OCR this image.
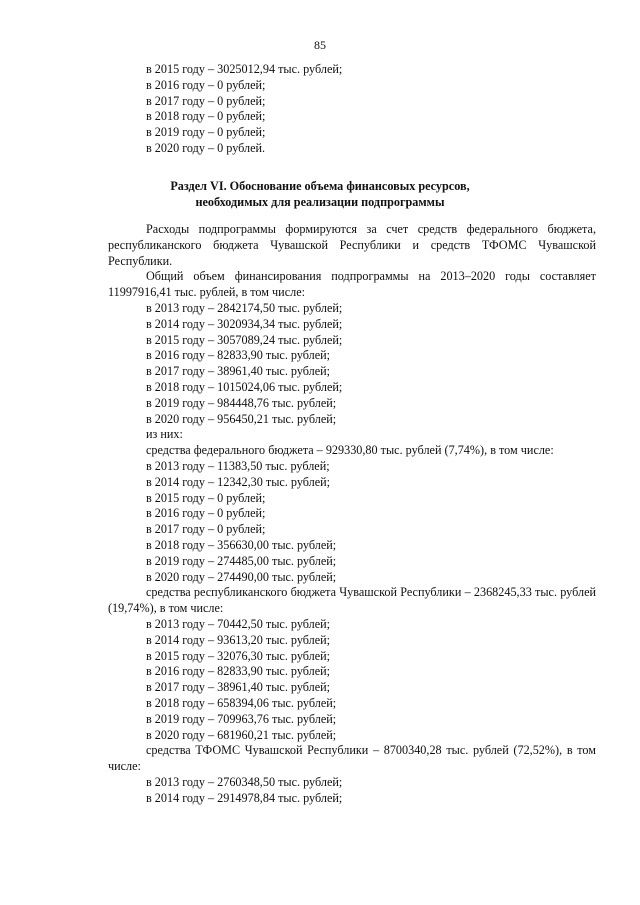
85
в 2015 году – 3025012,94 тыс. рублей;
в 2016 году – 0 рублей;
в 2017 году – 0 рублей;
в 2018 году – 0 рублей;
в 2019 году – 0 рублей;
в 2020 году – 0 рублей.
Раздел VI. Обоснование объема финансовых ресурсов,
необходимых для реализации подпрограммы
Расходы подпрограммы формируются за счет средств федерального бюджета, республиканского бюджета Чувашской Республики и средств ТФОМС Чувашской Республики.
Общий объем финансирования подпрограммы на 2013–2020 годы составляет 11997916,41 тыс. рублей, в том числе:
в 2013 году – 2842174,50 тыс. рублей;
в 2014 году – 3020934,34 тыс. рублей;
в 2015 году – 3057089,24 тыс. рублей;
в 2016 году – 82833,90 тыс. рублей;
в 2017 году – 38961,40 тыс. рублей;
в 2018 году – 1015024,06 тыс. рублей;
в 2019 году – 984448,76 тыс. рублей;
в 2020 году – 956450,21 тыс. рублей;
из них:
средства федерального бюджета – 929330,80 тыс. рублей (7,74%), в том числе:
в 2013 году – 11383,50 тыс. рублей;
в 2014 году – 12342,30 тыс. рублей;
в 2015 году – 0 рублей;
в 2016 году – 0 рублей;
в 2017 году – 0 рублей;
в 2018 году – 356630,00 тыс. рублей;
в 2019 году – 274485,00 тыс. рублей;
в 2020 году – 274490,00 тыс. рублей;
средства республиканского бюджета Чувашской Республики – 2368245,33 тыс. рублей (19,74%), в том числе:
в 2013 году – 70442,50 тыс. рублей;
в 2014 году – 93613,20 тыс. рублей;
в 2015 году – 32076,30 тыс. рублей;
в 2016 году – 82833,90 тыс. рублей;
в 2017 году – 38961,40 тыс. рублей;
в 2018 году – 658394,06 тыс. рублей;
в 2019 году – 709963,76 тыс. рублей;
в 2020 году – 681960,21 тыс. рублей;
средства ТФОМС Чувашской Республики – 8700340,28 тыс. рублей (72,52%), в том числе:
в 2013 году – 2760348,50 тыс. рублей;
в 2014 году – 2914978,84 тыс. рублей;
